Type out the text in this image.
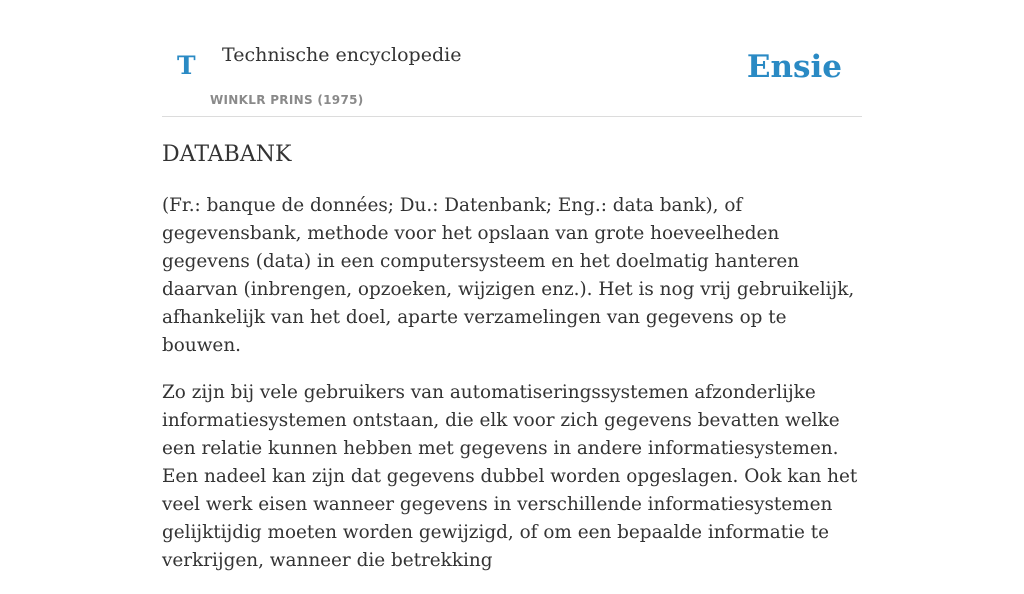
T Technische encyclopedie
WINKLR PRINS (1975)
Ensie
DATABANK

(Fr.: banque de données; Du.: Datenbank; Eng.: data bank), of gegevensbank, methode voor het opslaan van grote hoeveelheden gegevens (data) in een computersysteem en het doelmatig hanteren daarvan (inbrengen, opzoeken, wijzigen enz.). Het is nog vrij gebruikelijk, afhankelijk van het doel, aparte verzamelingen van gegevens op te bouwen.

Zo zijn bij vele gebruikers van automatiseringssystemen afzonderlijke informatiesystemen ontstaan, die elk voor zich gegevens bevatten welke een relatie kunnen hebben met gegevens in andere informatiesystemen. Een nadeel kan zijn dat gegevens dubbel worden opgeslagen. Ook kan het veel werk eisen wanneer gegevens in verschillende informatiesystemen gelijktijdig moeten worden gewijzigd, of om een bepaalde informatie te verkrijgen, wanneer die betrekking
